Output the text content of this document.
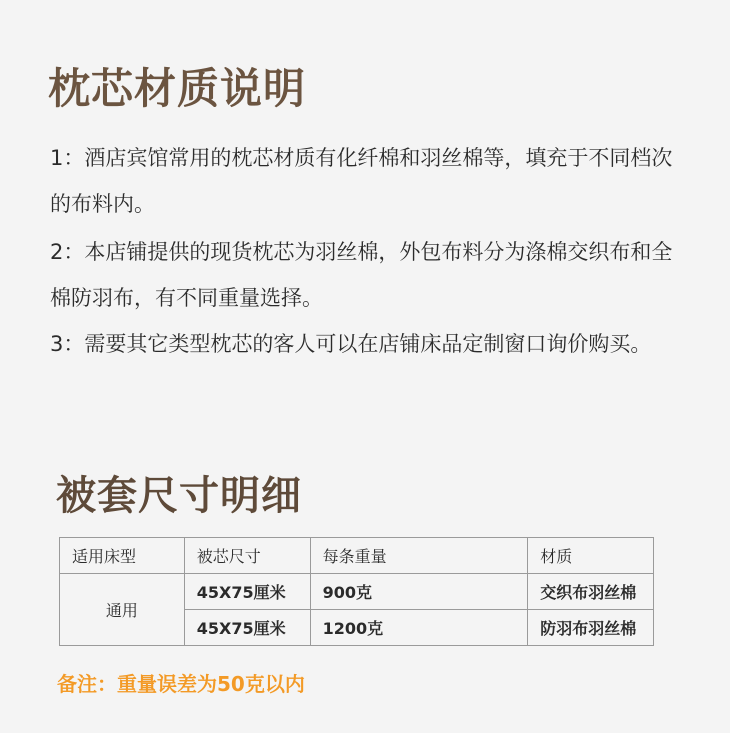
枕芯材质说明

1：酒店宾馆常用的枕芯材质有化纤棉和羽丝棉等，填充于不同档次的布料内。

2：本店铺提供的现货枕芯为羽丝棉，外包布料分为涤棉交织布和全棉防羽布，有不同重量选择。

3：需要其它类型枕芯的客人可以在店铺床品定制窗口询价购买。

被套尺寸明细
适用床型	被芯尺寸	每条重量	材质
通用	45X75厘米	900克	交织布羽丝棉
	45X75厘米	1200克	防羽布羽丝棉

备注：重量误差为50克以内
